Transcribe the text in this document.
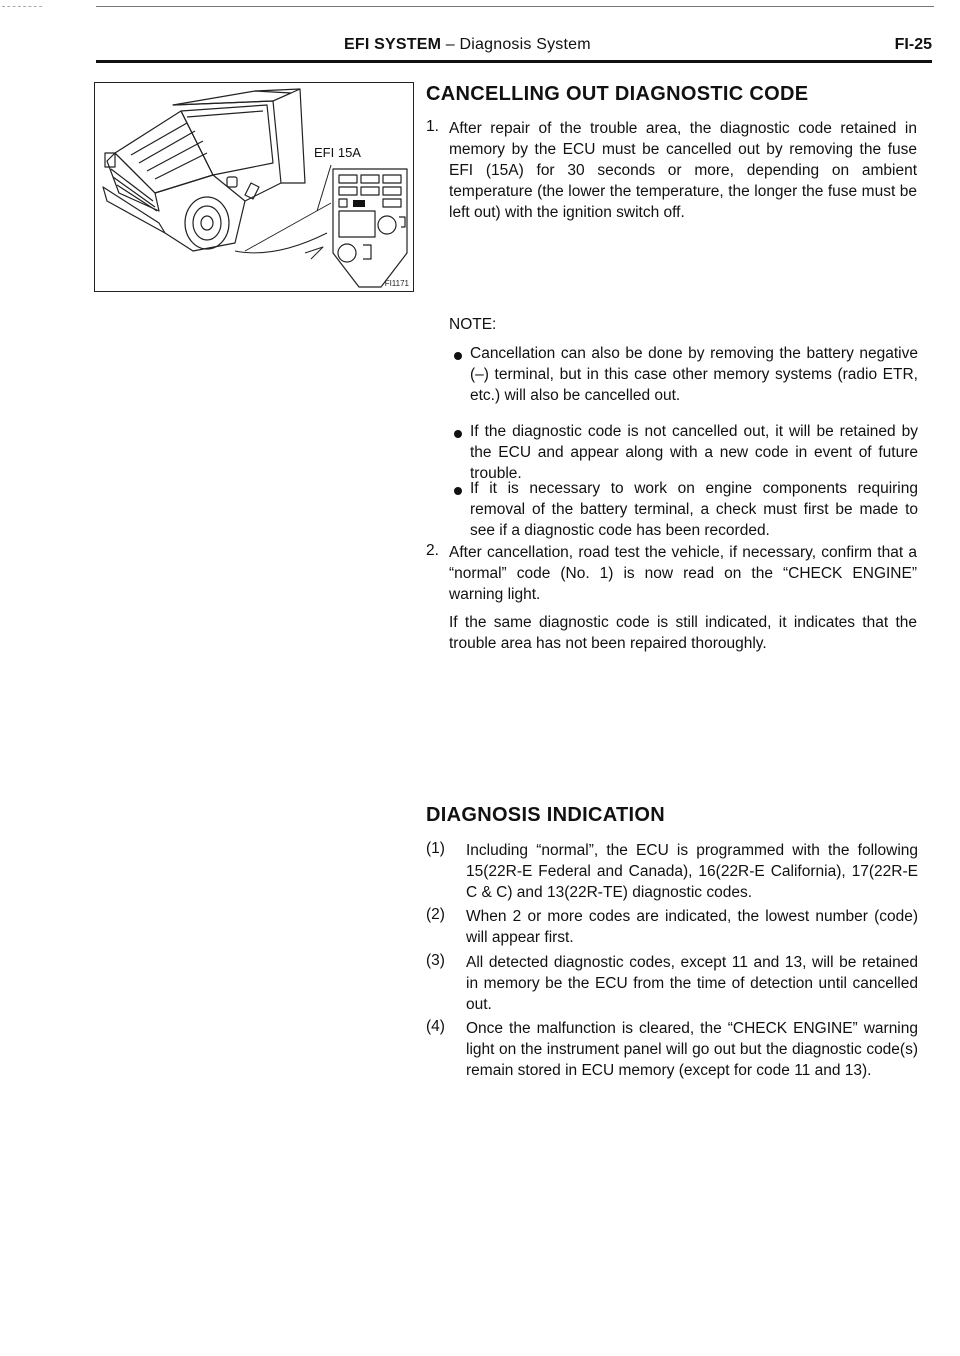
EFI SYSTEM – Diagnosis System	FI-25
EFI 15A
FI1171
CANCELLING OUT DIAGNOSTIC CODE
1. After repair of the trouble area, the diagnostic code retained in memory by the ECU must be cancelled out by removing the fuse EFI (15A) for 30 seconds or more, depending on ambient temperature (the lower the temperature, the longer the fuse must be left out) with the ignition switch off.
NOTE:
Cancellation can also be done by removing the battery negative (–) terminal, but in this case other memory systems (radio ETR, etc.) will also be cancelled out.
If the diagnostic code is not cancelled out, it will be retained by the ECU and appear along with a new code in event of future trouble.
If it is necessary to work on engine components requiring removal of the battery terminal, a check must first be made to see if a diagnostic code has been recorded.
2. After cancellation, road test the vehicle, if necessary, confirm that a “normal” code (No. 1) is now read on the “CHECK ENGINE” warning light.
If the same diagnostic code is still indicated, it indicates that the trouble area has not been repaired thoroughly.
DIAGNOSIS INDICATION
(1) Including “normal”, the ECU is programmed with the following 15(22R-E Federal and Canada), 16(22R-E California), 17(22R-E C & C) and 13(22R-TE) diagnostic codes.
(2) When 2 or more codes are indicated, the lowest number (code) will appear first.
(3) All detected diagnostic codes, except 11 and 13, will be retained in memory be the ECU from the time of detection until cancelled out.
(4) Once the malfunction is cleared, the “CHECK ENGINE” warning light on the instrument panel will go out but the diagnostic code(s) remain stored in ECU memory (except for code 11 and 13).
